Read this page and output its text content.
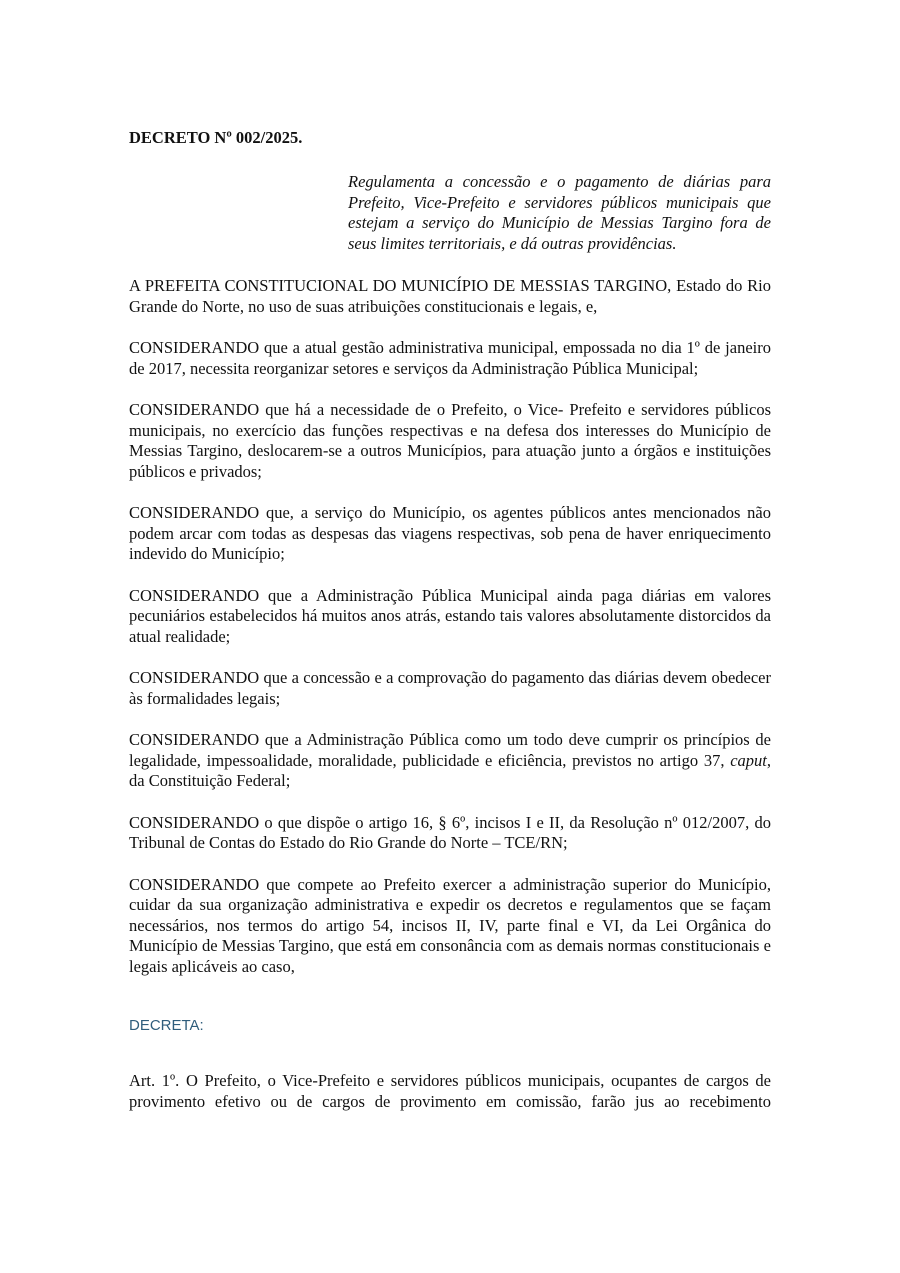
DECRETO Nº 002/2025.
Regulamenta a concessão e o pagamento de diárias para Prefeito, Vice-Prefeito e servidores públicos municipais que estejam a serviço do Município de Messias Targino fora de seus limites territoriais, e dá outras providências.
A PREFEITA CONSTITUCIONAL DO MUNICÍPIO DE MESSIAS TARGINO, Estado do Rio Grande do Norte, no uso de suas atribuições constitucionais e legais, e,
CONSIDERANDO que a atual gestão administrativa municipal, empossada no dia 1º de janeiro de 2017, necessita reorganizar setores e serviços da Administração Pública Municipal;
CONSIDERANDO que há a necessidade de o Prefeito, o Vice- Prefeito e servidores públicos municipais, no exercício das funções respectivas e na defesa dos interesses do Município de Messias Targino, deslocarem-se a outros Municípios, para atuação junto a órgãos e instituições públicos e privados;
CONSIDERANDO que, a serviço do Município, os agentes públicos antes mencionados não podem arcar com todas as despesas das viagens respectivas, sob pena de haver enriquecimento indevido do Município;
CONSIDERANDO que a Administração Pública Municipal ainda paga diárias em valores pecuniários estabelecidos há muitos anos atrás, estando tais valores absolutamente distorcidos da atual realidade;
CONSIDERANDO que a concessão e a comprovação do pagamento das diárias devem obedecer às formalidades legais;
CONSIDERANDO que a Administração Pública como um todo deve cumprir os princípios de legalidade, impessoalidade, moralidade, publicidade e eficiência, previstos no artigo 37, caput, da Constituição Federal;
CONSIDERANDO o que dispõe o artigo 16, § 6º, incisos I e II, da Resolução nº 012/2007, do Tribunal de Contas do Estado do Rio Grande do Norte – TCE/RN;
CONSIDERANDO que compete ao Prefeito exercer a administração superior do Município, cuidar da sua organização administrativa e expedir os decretos e regulamentos que se façam necessários, nos termos do artigo 54, incisos II, IV, parte final e VI, da Lei Orgânica do Município de Messias Targino, que está em consonância com as demais normas constitucionais e legais aplicáveis ao caso,
DECRETA:
Art. 1º. O Prefeito, o Vice-Prefeito e servidores públicos municipais, ocupantes de cargos de provimento efetivo ou de cargos de provimento em comissão, farão jus ao recebimento
